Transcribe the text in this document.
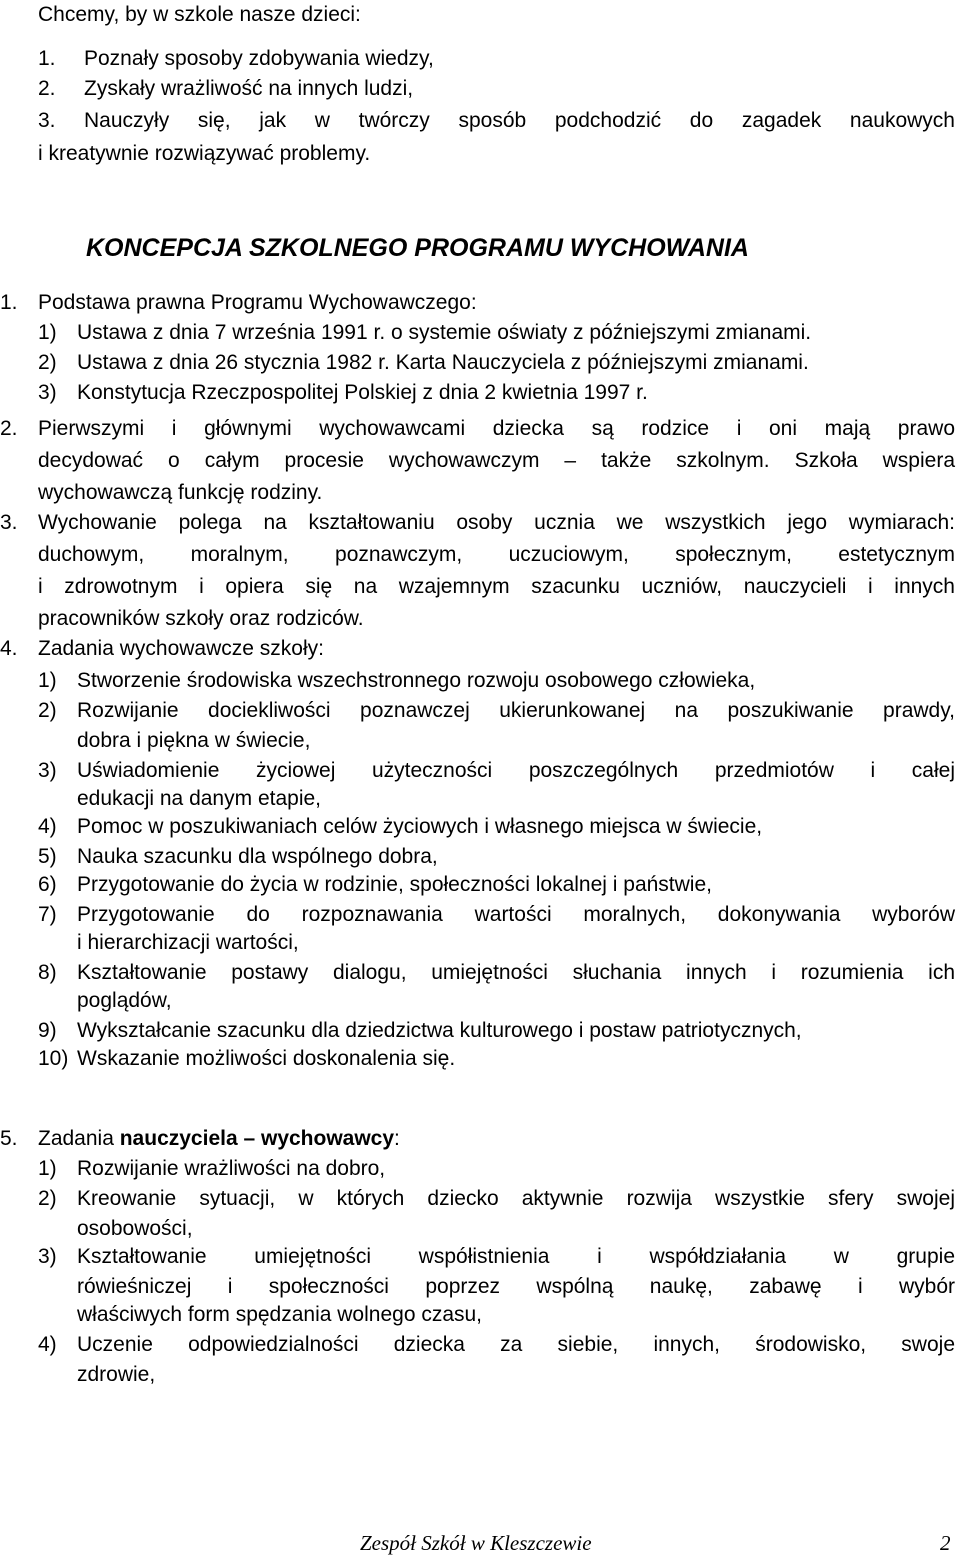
Chcemy, by w szkole nasze dzieci:
1. Poznały sposoby zdobywania wiedzy,
2. Zyskały wrażliwość na innych ludzi,
3. Nauczyły się, jak w twórczy sposób podchodzić do zagadek naukowych
i kreatywnie rozwiązywać problemy.
KONCEPCJA SZKOLNEGO PROGRAMU WYCHOWANIA
1. Podstawa prawna Programu Wychowawczego:
1) Ustawa z dnia 7 września 1991 r. o systemie oświaty z późniejszymi zmianami.
2) Ustawa z dnia 26 stycznia 1982 r. Karta Nauczyciela z późniejszymi zmianami.
3) Konstytucja Rzeczpospolitej Polskiej z dnia 2 kwietnia 1997 r.
2. Pierwszymi i głównymi wychowawcami dziecka są rodzice i oni mają prawo
decydować o całym procesie wychowawczym – także szkolnym. Szkoła wspiera
wychowawczą funkcję rodziny.
3. Wychowanie polega na kształtowaniu osoby ucznia we wszystkich jego wymiarach:
duchowym, moralnym, poznawczym, uczuciowym, społecznym, estetycznym
i zdrowotnym i opiera się na wzajemnym szacunku uczniów, nauczycieli i innych
pracowników szkoły oraz rodziców.
4. Zadania wychowawcze szkoły:
1) Stworzenie środowiska wszechstronnego rozwoju osobowego człowieka,
2) Rozwijanie dociekliwości poznawczej ukierunkowanej na poszukiwanie prawdy,
dobra i piękna w świecie,
3) Uświadomienie życiowej użyteczności poszczególnych przedmiotów i całej
edukacji na danym etapie,
4) Pomoc w poszukiwaniach celów życiowych i własnego miejsca w świecie,
5) Nauka szacunku dla wspólnego dobra,
6) Przygotowanie do życia w rodzinie, społeczności lokalnej i państwie,
7) Przygotowanie do rozpoznawania wartości moralnych, dokonywania wyborów
i hierarchizacji wartości,
8) Kształtowanie postawy dialogu, umiejętności słuchania innych i rozumienia ich
poglądów,
9) Wykształcanie szacunku dla dziedzictwa kulturowego i postaw patriotycznych,
10) Wskazanie możliwości doskonalenia się.
5. Zadania nauczyciela – wychowawcy:
1) Rozwijanie wrażliwości na dobro,
2) Kreowanie sytuacji, w których dziecko aktywnie rozwija wszystkie sfery swojej
osobowości,
3) Kształtowanie umiejętności współistnienia i współdziałania w grupie
rówieśniczej i społeczności poprzez wspólną naukę, zabawę i wybór
właściwych form spędzania wolnego czasu,
4) Uczenie odpowiedzialności dziecka za siebie, innych, środowisko, swoje
zdrowie,
Zespół Szkół w Kleszczewie	2
